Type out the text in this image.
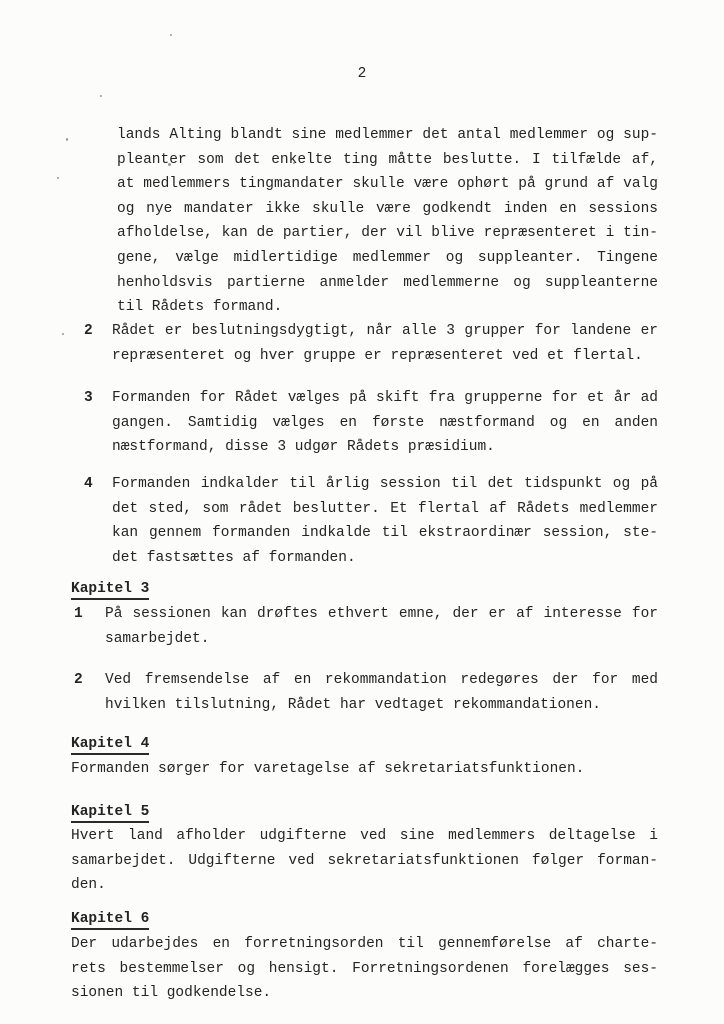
2
lands Alting blandt sine medlemmer det antal medlemmer og sup-
pleanter som det enkelte ting måtte beslutte. I tilfælde af,
at medlemmers tingmandater skulle være ophørt på grund af valg
og nye mandater ikke skulle være godkendt inden en sessions
afholdelse, kan de partier, der vil blive repræsenteret i tin-
gene, vælge midlertidige medlemmer og suppleanter. Tingene
henholdsvis partierne anmelder medlemmerne og suppleanterne
til Rådets formand.
2	Rådet er beslutningsdygtigt, når alle 3 grupper for landene er
repræsenteret og hver gruppe er repræsenteret ved et flertal.
3	Formanden for Rådet vælges på skift fra grupperne for et år ad
gangen. Samtidig vælges en første næstformand og en anden
næstformand, disse 3 udgør Rådets præsidium.
4	Formanden indkalder til årlig session til det tidspunkt og på
det sted, som rådet beslutter. Et flertal af Rådets medlemmer
kan gennem formanden indkalde til ekstraordinær session, ste-
det fastsættes af formanden.
Kapitel 3
1	På sessionen kan drøftes ethvert emne, der er af interesse for
samarbejdet.
2	Ved fremsendelse af en rekommandation redegøres der for med
hvilken tilslutning, Rådet har vedtaget rekommandationen.
Kapitel 4
Formanden sørger for varetagelse af sekretariatsfunktionen.
Kapitel 5
Hvert land afholder udgifterne ved sine medlemmers deltagelse i
samarbejdet. Udgifterne ved sekretariatsfunktionen følger forman-
den.
Kapitel 6
Der udarbejdes en forretningsorden til gennemførelse af charte-
rets bestemmelser og hensigt. Forretningsordenen forelægges ses-
sionen til godkendelse.
